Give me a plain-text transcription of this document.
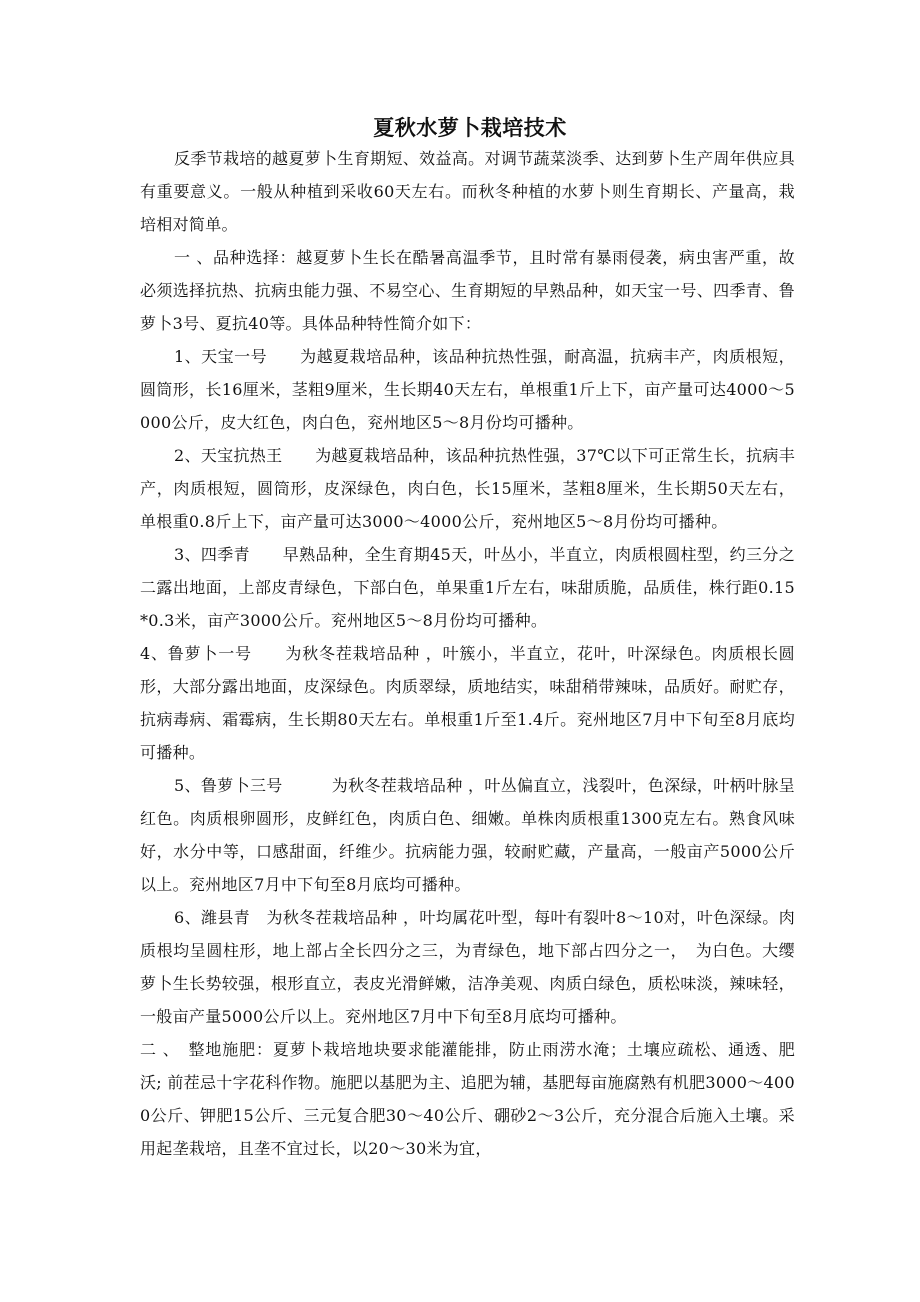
夏秋水萝卜栽培技术

反季节栽培的越夏萝卜生育期短、效益高。对调节蔬菜淡季、达到萝卜生产周年供应具有重要意义。一般从种植到采收60天左右。而秋冬种植的水萝卜则生育期长、产量高，栽培相对简单。

一 、品种选择：越夏萝卜生长在酷暑高温季节，且时常有暴雨侵袭，病虫害严重，故必须选择抗热、抗病虫能力强、不易空心、生育期短的早熟品种，如天宝一号、四季青、鲁萝卜3号、夏抗40等。具体品种特性简介如下：

1、天宝一号　　为越夏栽培品种，该品种抗热性强，耐高温，抗病丰产，肉质根短，圆筒形，长16厘米，茎粗9厘米，生长期40天左右，单根重1斤上下，亩产量可达4000～5000公斤，皮大红色，肉白色，兖州地区5～8月份均可播种。

2、天宝抗热王　　为越夏栽培品种，该品种抗热性强，37℃以下可正常生长，抗病丰产，肉质根短，圆筒形，皮深绿色，肉白色，长15厘米，茎粗8厘米，生长期50天左右，单根重0.8斤上下，亩产量可达3000～4000公斤，兖州地区5～8月份均可播种。

3、四季青　　早熟品种，全生育期45天，叶丛小，半直立，肉质根圆柱型，约三分之二露出地面，上部皮青绿色，下部白色，单果重1斤左右，味甜质脆，品质佳，株行距0.15*0.3米，亩产3000公斤。兖州地区5～8月份均可播种。

4、鲁萝卜一号　　为秋冬茬栽培品种 ，叶簇小，半直立，花叶，叶深绿色。肉质根长圆形，大部分露出地面，皮深绿色。肉质翠绿，质地结实，味甜稍带辣味，品质好。耐贮存，抗病毒病、霜霉病，生长期80天左右。单根重1斤至1.4斤。兖州地区7月中下旬至8月底均可播种。

5、鲁萝卜三号　　　为秋冬茬栽培品种 ，叶丛偏直立，浅裂叶，色深绿，叶柄叶脉呈红色。肉质根卵圆形，皮鲜红色，肉质白色、细嫩。单株肉质根重1300克左右。熟食风味好，水分中等，口感甜面，纤维少。抗病能力强，较耐贮藏，产量高，一般亩产5000公斤以上。兖州地区7月中下旬至8月底均可播种。

6、潍县青　为秋冬茬栽培品种 ，叶均属花叶型，每叶有裂叶8～10对，叶色深绿。肉质根均呈圆柱形，地上部占全长四分之三，为青绿色，地下部占四分之一，　为白色。大缨萝卜生长势较强，根形直立，表皮光滑鲜嫩，洁净美观、肉质白绿色，质松味淡，辣味轻，一般亩产量5000公斤以上。兖州地区7月中下旬至8月底均可播种。

二 、　整地施肥：夏萝卜栽培地块要求能灌能排，防止雨涝水淹；土壤应疏松、通透、肥沃; 前茬忌十字花科作物。施肥以基肥为主、追肥为辅，基肥每亩施腐熟有机肥3000～4000公斤、钾肥15公斤、三元复合肥30～40公斤、硼砂2～3公斤，充分混合后施入土壤。采用起垄栽培，且垄不宜过长，以20～30米为宜，
